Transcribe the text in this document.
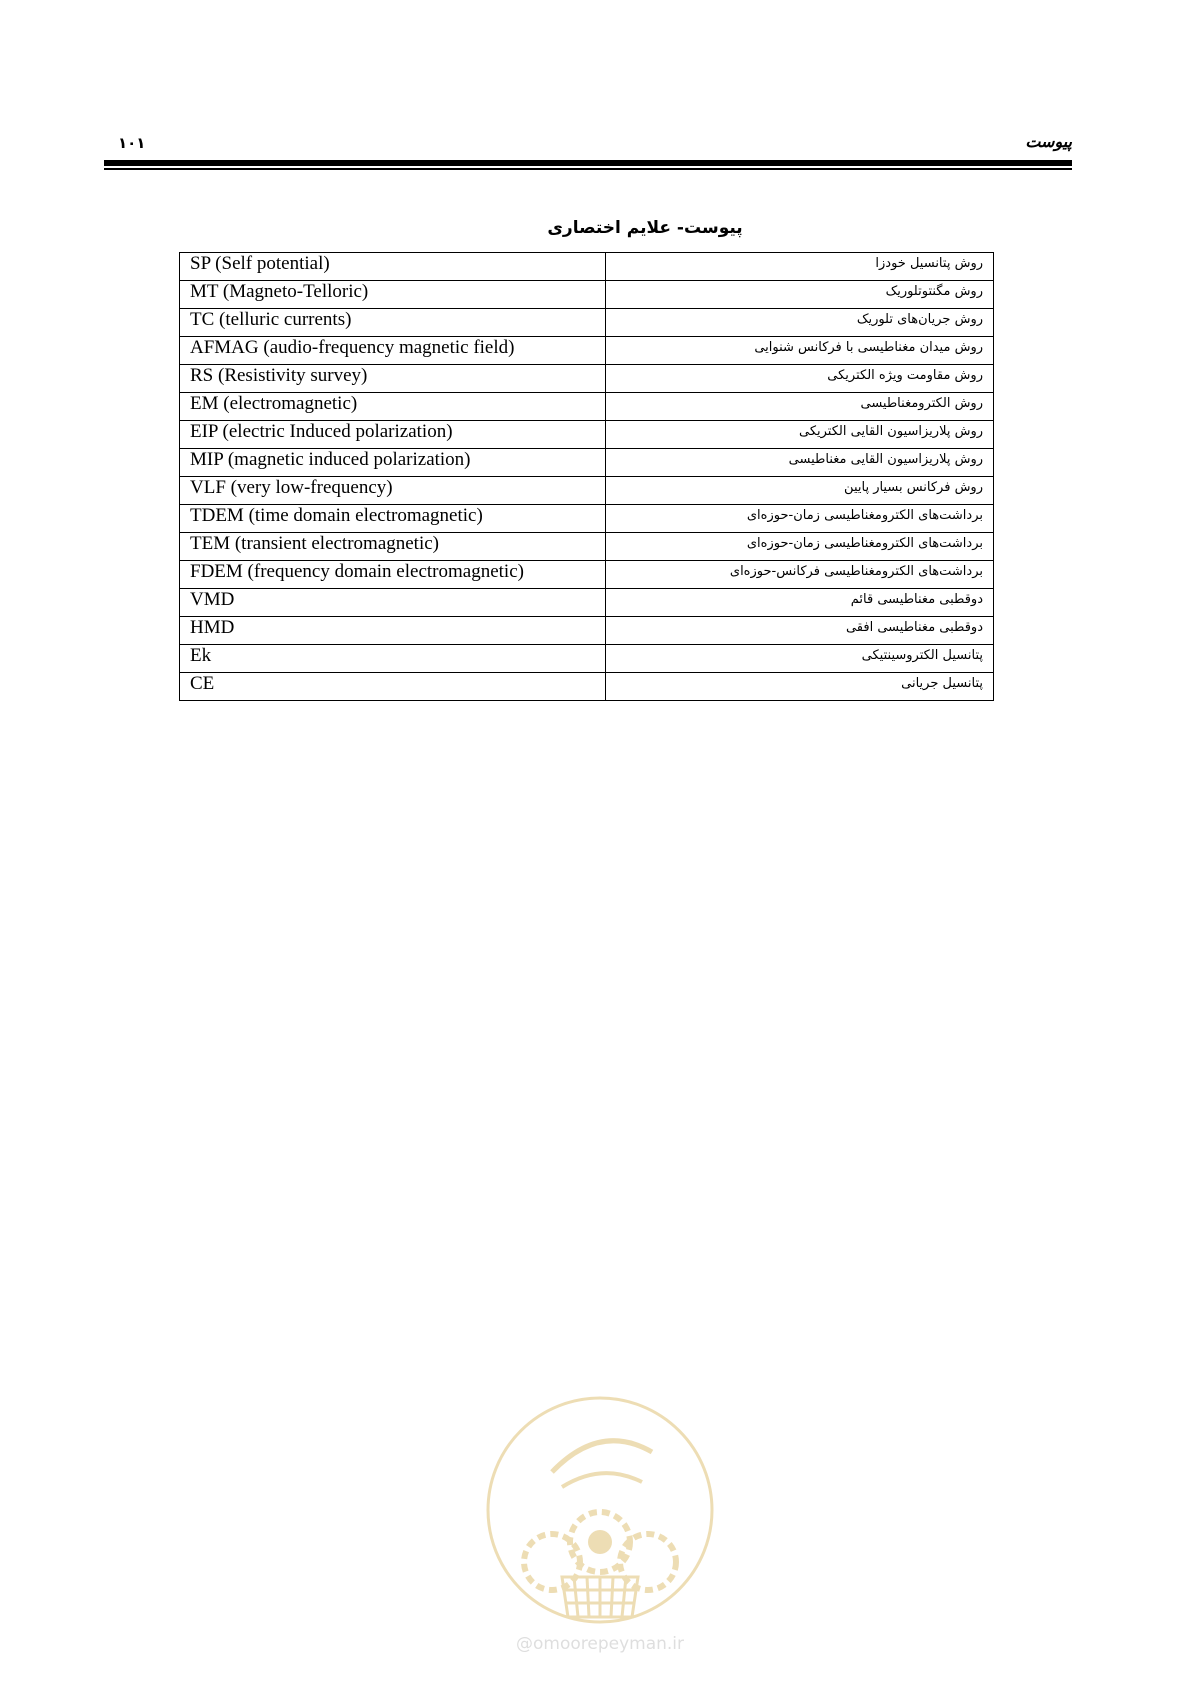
۱۰۱	پیوست
پیوست- علایم اختصاری
SP (Self potential)	روش پتانسیل خودزا
MT (Magneto-Telloric)	روش مگنتوتلوریک
TC (telluric currents)	روش جریان‌های تلوریک
AFMAG (audio-frequency magnetic field)	روش میدان مغناطیسی با فرکانس شنوایی
RS (Resistivity survey)	روش مقاومت ویژه الکتریکی
EM (electromagnetic)	روش الکترومغناطیسی
EIP (electric Induced polarization)	روش پلاریزاسیون القایی الکتریکی
MIP (magnetic induced polarization)	روش پلاریزاسیون القایی مغناطیسی
VLF (very low-frequency)	روش فرکانس بسیار پایین
TDEM (time domain electromagnetic)	برداشت‌های الکترومغناطیسی زمان-حوزه‌ای
TEM (transient electromagnetic)	برداشت‌های الکترومغناطیسی زمان-حوزه‌ای
FDEM (frequency domain electromagnetic)	برداشت‌های الکترومغناطیسی فرکانس-حوزه‌ای
VMD	دوقطبی مغناطیسی قائم
HMD	دوقطبی مغناطیسی افقی
Ek	پتانسیل الکتروسینتیکی
CE	پتانسیل جریانی
@omoorepeyman.ir
